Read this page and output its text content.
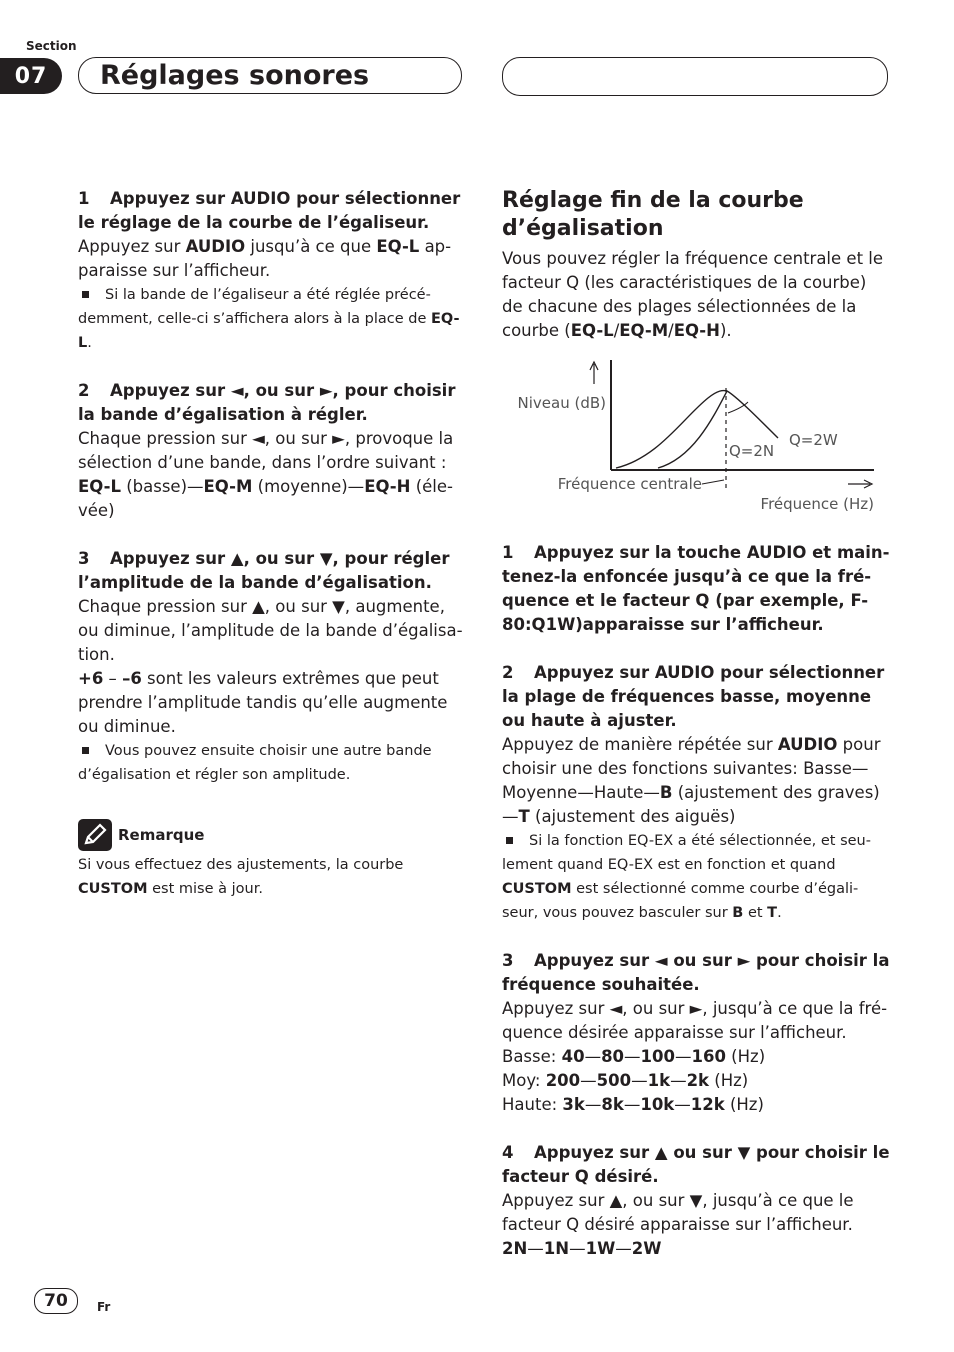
Section
07	Réglages sonores
1 Appuyez sur AUDIO pour sélectionner le réglage de la courbe de l’égaliseur.
Appuyez sur AUDIO jusqu’à ce que EQ-L ap-paraisse sur l’afficheur.
Si la bande de l’égaliseur a été réglée précé-demment, celle-ci s’affichera alors à la place de EQ-L.
2 Appuyez sur ◄, ou sur ►, pour choisir la bande d’égalisation à régler.
Chaque pression sur ◄, ou sur ►, provoque la sélection d’une bande, dans l’ordre suivant : EQ-L (basse)—EQ-M (moyenne)—EQ-H (éle-vée)
3 Appuyez sur ▲, ou sur ▼, pour régler l’amplitude de la bande d’égalisation.
Chaque pression sur ▲, ou sur ▼, augmente, ou diminue, l’amplitude de la bande d’égalisa-tion.
+6 – –6 sont les valeurs extrêmes que peut prendre l’amplitude tandis qu’elle augmente ou diminue.
Vous pouvez ensuite choisir une autre bande d’égalisation et régler son amplitude.
Remarque
Si vous effectuez des ajustements, la courbe CUSTOM est mise à jour.
Réglage fin de la courbe d’égalisation
Vous pouvez régler la fréquence centrale et le facteur Q (les caractéristiques de la courbe) de chacune des plages sélectionnées de la courbe (EQ-L/EQ-M/EQ-H).
1 Appuyez sur la touche AUDIO et main-tenez-la enfoncée jusqu’à ce que la fré-quence et le facteur Q (par exemple, F- 80:Q1W)apparaisse sur l’afficheur.
2 Appuyez sur AUDIO pour sélectionner la plage de fréquences basse, moyenne ou haute à ajuster.
Appuyez de manière répétée sur AUDIO pour choisir une des fonctions suivantes: Basse—Moyenne—Haute—B (ajustement des graves)—T (ajustement des aiguës)
Si la fonction EQ-EX a été sélectionnée, et seu-lement quand EQ-EX est en fonction et quand CUSTOM est sélectionné comme courbe d’égali-seur, vous pouvez basculer sur B et T.
3 Appuyez sur ◄ ou sur ► pour choisir la fréquence souhaitée.
Appuyez sur ◄, ou sur ►, jusqu’à ce que la fré-quence désirée apparaisse sur l’afficheur.
Basse: 40—80—100—160 (Hz)
Moy: 200—500—1k—2k (Hz)
Haute: 3k—8k—10k—12k (Hz)
4 Appuyez sur ▲ ou sur ▼ pour choisir le facteur Q désiré.
Appuyez sur ▲, ou sur ▼, jusqu’à ce que le facteur Q désiré apparaisse sur l’afficheur.
2N—1N—1W—2W
Niveau (dB)
Q=2N
Q=2W
Fréquence centrale
Fréquence (Hz)
70	Fr
